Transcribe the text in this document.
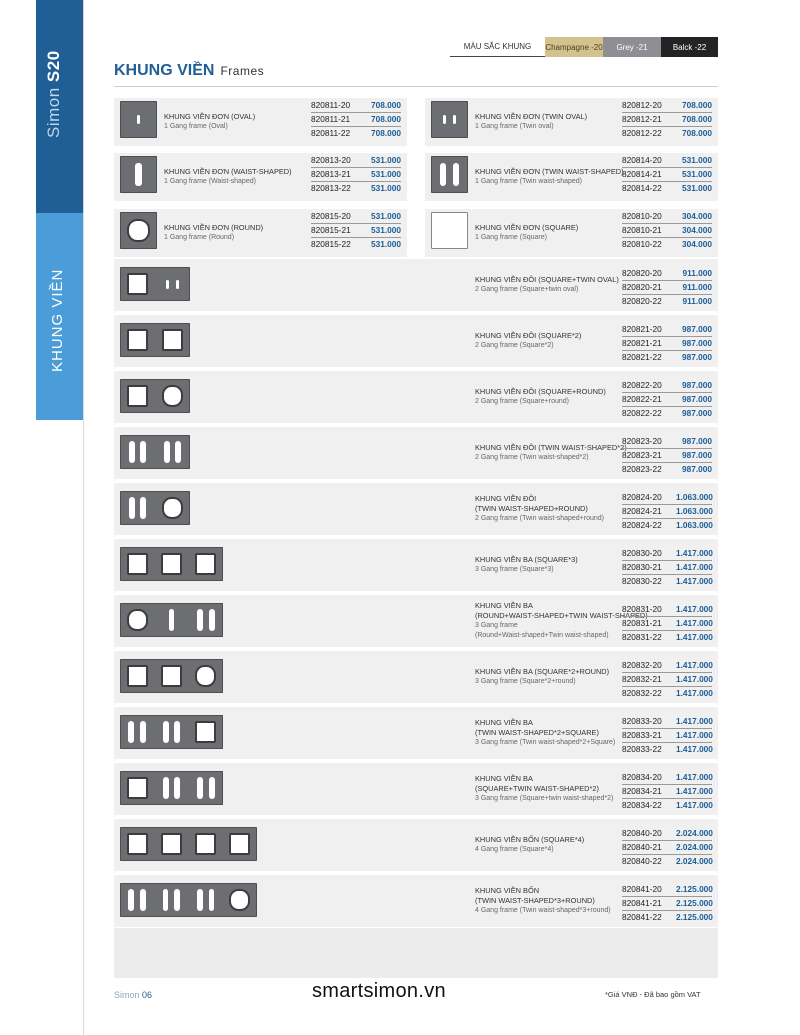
Simon S20
KHUNG VIỀN
MÀU SẮC KHUNG	Champagne -20	Grey -21	Balck -22
KHUNG VIỀN Frames
KHUNG VIỀN ĐƠN (OVAL)
1 Gang frame (Oval)
820811-20	708.000
820811-21	708.000
820811-22	708.000
KHUNG VIỀN ĐƠN (TWIN OVAL)
1 Gang frame (Twin oval)
820812-20	708.000
820812-21	708.000
820812-22	708.000
KHUNG VIỀN ĐƠN (WAIST-SHAPED)
1 Gang frame (Waist-shaped)
820813-20	531.000
820813-21	531.000
820813-22	531.000
KHUNG VIỀN ĐƠN (TWIN WAIST-SHAPED)
1 Gang frame (Twin waist-shaped)
820814-20	531.000
820814-21	531.000
820814-22	531.000
KHUNG VIỀN ĐƠN (ROUND)
1 Gang frame (Round)
820815-20	531.000
820815-21	531.000
820815-22	531.000
KHUNG VIỀN ĐƠN (SQUARE)
1 Gang frame (Square)
820810-20	304.000
820810-21	304.000
820810-22	304.000
KHUNG VIỀN ĐÔI (SQUARE+TWIN OVAL)
2 Gang frame (Square+twin oval)
820820-20	911.000
820820-21	911.000
820820-22	911.000
KHUNG VIỀN ĐÔI (SQUARE*2)
2 Gang frame (Square*2)
820821-20	987.000
820821-21	987.000
820821-22	987.000
KHUNG VIỀN ĐÔI (SQUARE+ROUND)
2 Gang frame (Square+round)
820822-20	987.000
820822-21	987.000
820822-22	987.000
KHUNG VIỀN ĐÔI (TWIN WAIST-SHAPED*2)
2 Gang frame (Twin waist-shaped*2)
820823-20	987.000
820823-21	987.000
820823-22	987.000
KHUNG VIỀN ĐÔI
(TWIN WAIST-SHAPED+ROUND)
2 Gang frame (Twin waist-shaped+round)
820824-20	1.063.000
820824-21	1.063.000
820824-22	1.063.000
KHUNG VIỀN BA (SQUARE*3)
3 Gang frame (Square*3)
820830-20	1.417.000
820830-21	1.417.000
820830-22	1.417.000
KHUNG VIỀN BA
(ROUND+WAIST-SHAPED+TWIN WAIST-SHAPED)
3 Gang frame
(Round+Waist-shaped+Twin waist-shaped)
820831-20	1.417.000
820831-21	1.417.000
820831-22	1.417.000
KHUNG VIỀN BA (SQUARE*2+ROUND)
3 Gang frame (Square*2+round)
820832-20	1.417.000
820832-21	1.417.000
820832-22	1.417.000
KHUNG VIỀN BA
(TWIN WAIST-SHAPED*2+SQUARE)
3 Gang frame (Twin waist-shaped*2+Square)
820833-20	1.417.000
820833-21	1.417.000
820833-22	1.417.000
KHUNG VIỀN BA
(SQUARE+TWIN WAIST-SHAPED*2)
3 Gang frame (Square+twin waist-shaped*2)
820834-20	1.417.000
820834-21	1.417.000
820834-22	1.417.000
KHUNG VIỀN BỐN (SQUARE*4)
4 Gang frame (Square*4)
820840-20	2.024.000
820840-21	2.024.000
820840-22	2.024.000
KHUNG VIỀN BỐN
(TWIN WAIST-SHAPED*3+ROUND)
4 Gang frame (Twin waist-shaped*3+round)
820841-20	2.125.000
820841-21	2.125.000
820841-22	2.125.000
Simon 06	smartsimon.vn	*Giá VNĐ - Đã bao gồm VAT
